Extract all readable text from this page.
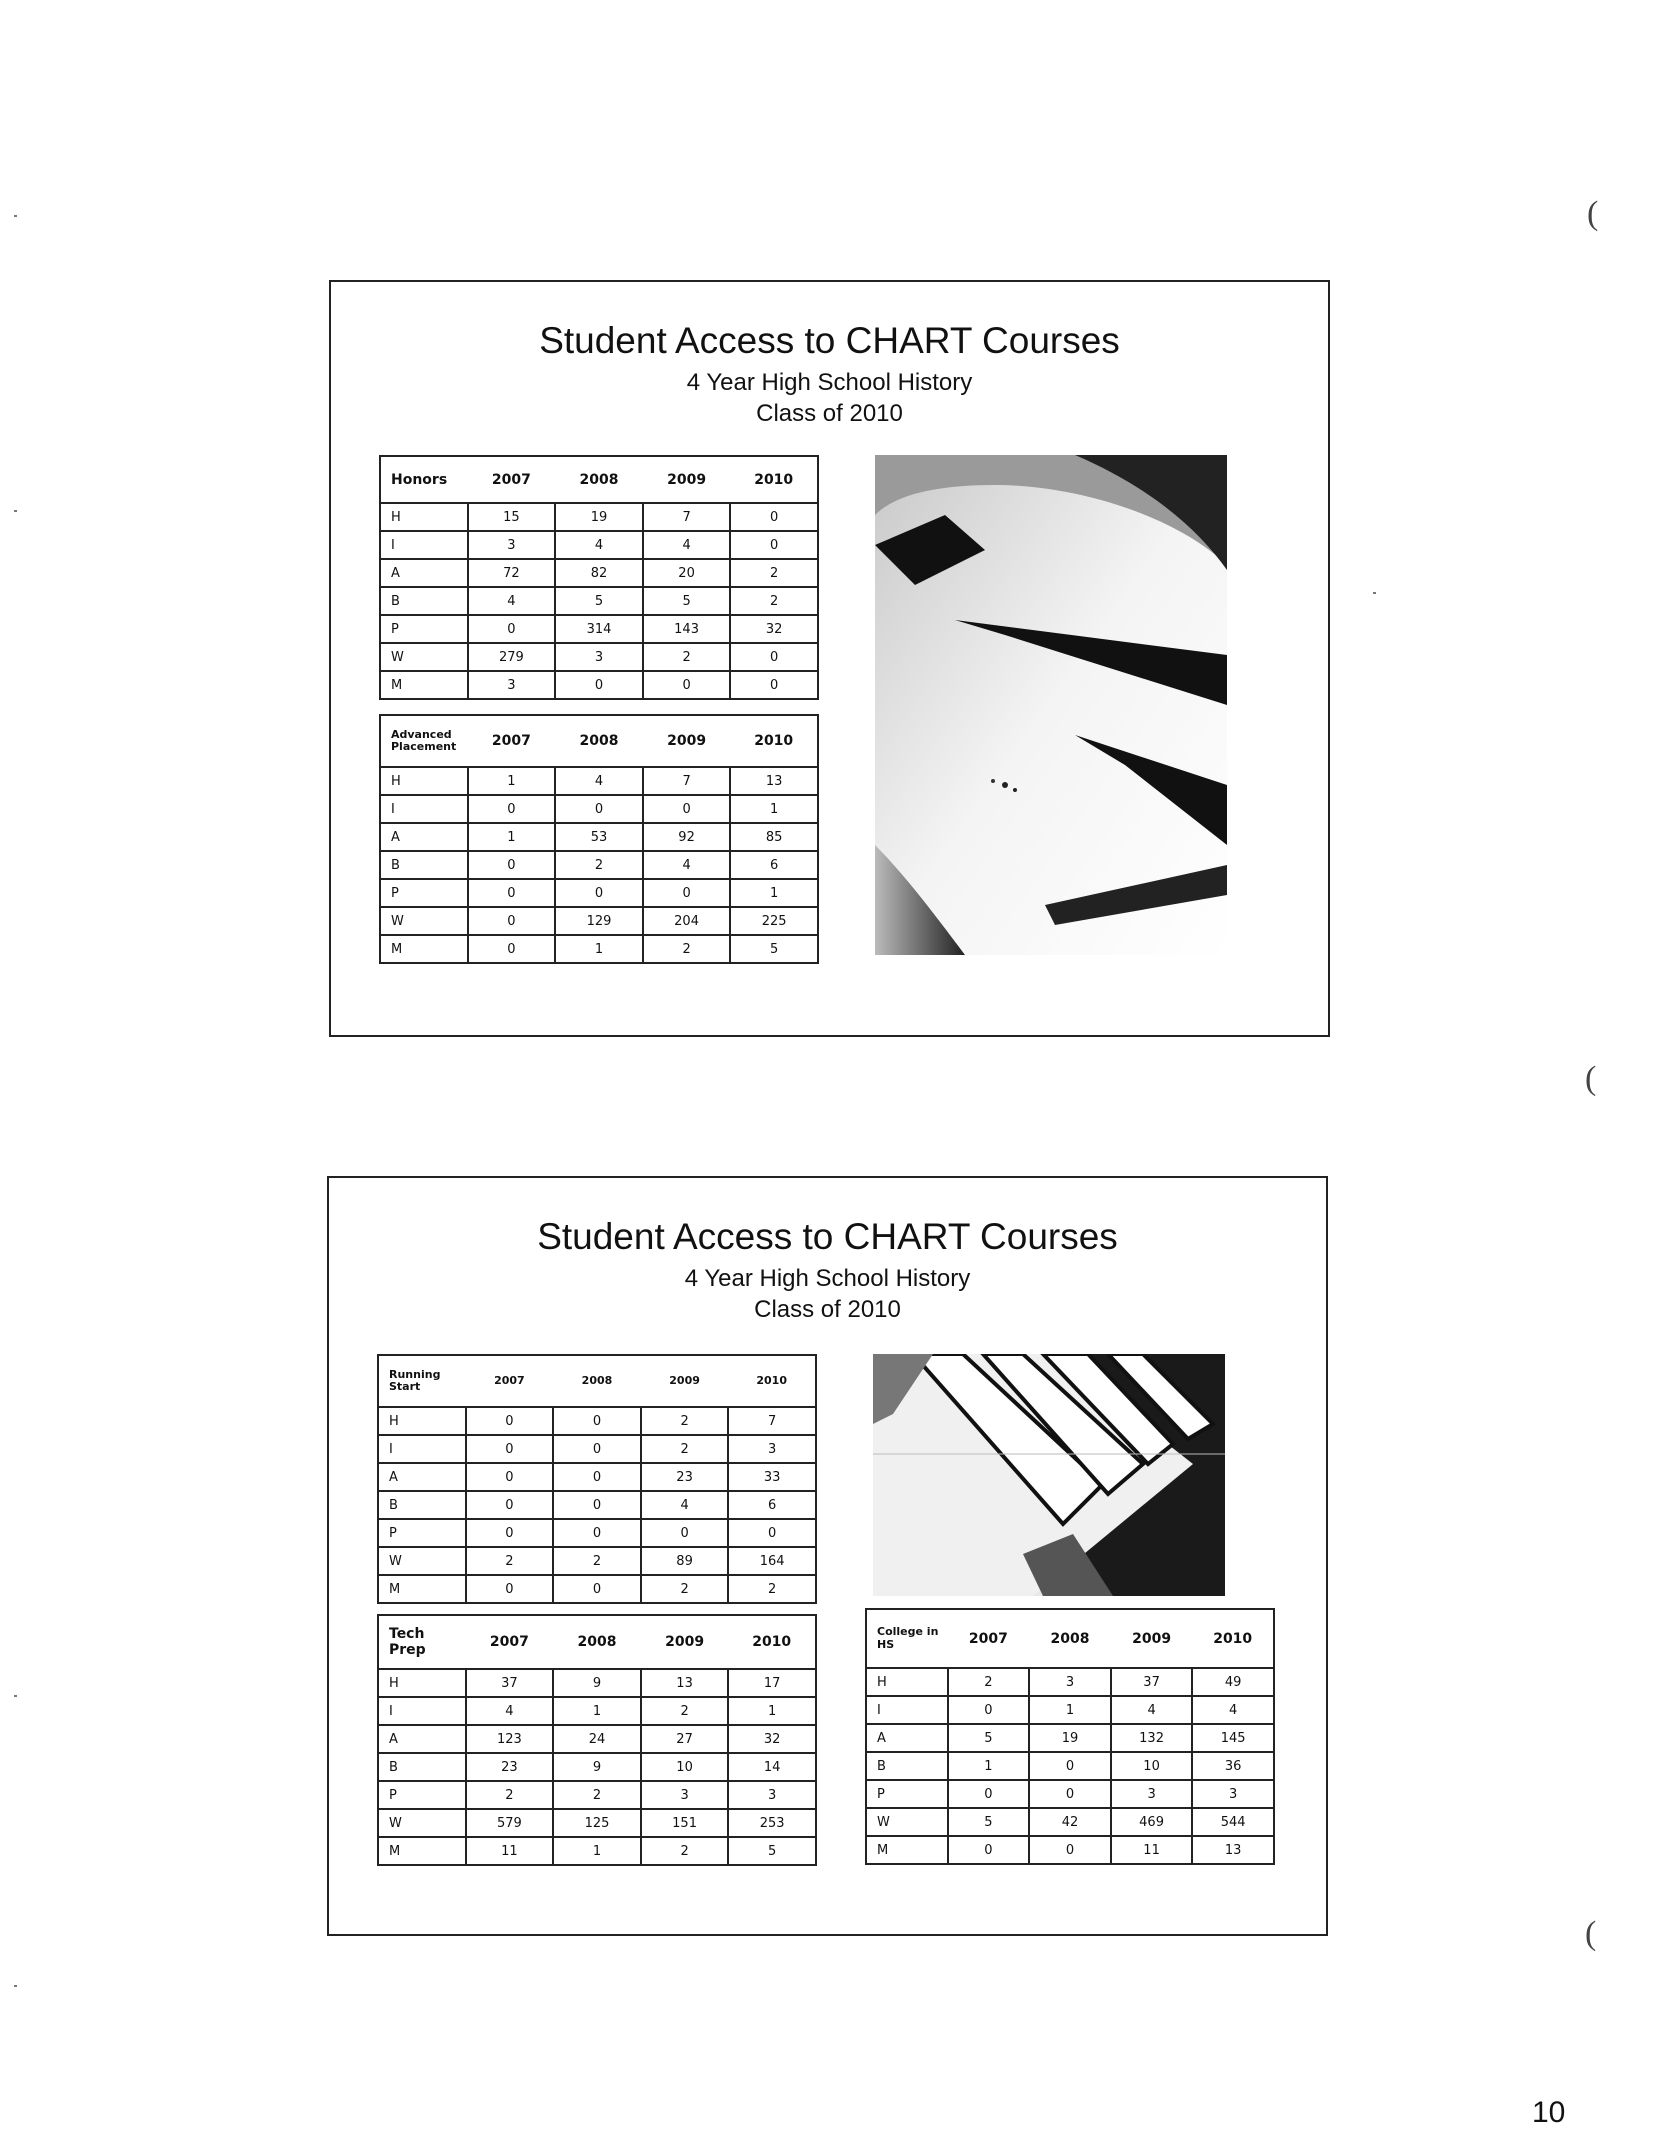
Student Access to CHART Courses
4 Year High School History
Class of 2010
Honors	2007	2008	2009	2010
H	15	19	7	0
I	3	4	4	0
A	72	82	20	2
B	4	5	5	2
P	0	314	143	32
W	279	3	2	0
M	3	0	0	0
Advanced Placement	2007	2008	2009	2010
H	1	4	7	13
I	0	0	0	1
A	1	53	92	85
B	0	2	4	6
P	0	0	0	1
W	0	129	204	225
M	0	1	2	5
Student Access to CHART Courses
4 Year High School History
Class of 2010
Running Start	2007	2008	2009	2010
H	0	0	2	7
I	0	0	2	3
A	0	0	23	33
B	0	0	4	6
P	0	0	0	0
W	2	2	89	164
M	0	0	2	2
Tech Prep	2007	2008	2009	2010
H	37	9	13	17
I	4	1	2	1
A	123	24	27	32
B	23	9	10	14
P	2	2	3	3
W	579	125	151	253
M	11	1	2	5
College in HS	2007	2008	2009	2010
H	2	3	37	49
I	0	1	4	4
A	5	19	132	145
B	1	0	10	36
P	0	0	3	3
W	5	42	469	544
M	0	0	11	13
(
(
(
10
